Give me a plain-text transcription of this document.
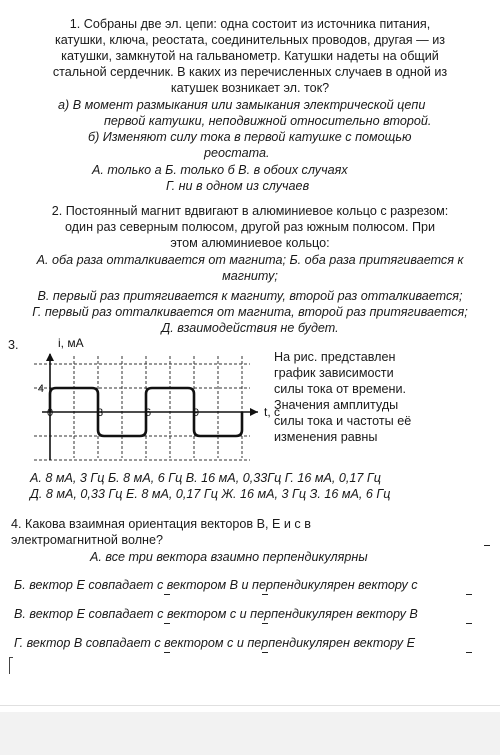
1. Собраны две эл. цепи: одна состоит из источника питания,
катушки, ключа, реостата, соединительных проводов, другая — из
катушки, замкнутой на гальванометр. Катушки надеты на общий
стальной сердечник. В каких из перечисленных случаев в одной из
катушек возникает эл. ток?
а) В момент размыкания или замыкания электрической цепи
первой катушки, неподвижной относительно второй.
б) Изменяют силу тока в первой катушке с помощью
реостата.
А. только а Б. только б В. в обоих случаях
Г. ни в одном из случаев
2. Постоянный магнит вдвигают в алюминиевое кольцо с разрезом:
один раз северным полюсом, другой раз южным полюсом. При
этом алюминиевое кольцо:
А. оба раза отталкивается от магнита; Б. оба раза притягивается к
магниту;
В. первый раз притягивается к магниту, второй раз отталкивается;
Г. первый раз отталкивается от магнита, второй раз притягивается;
Д. взаимодействия не будет.
3.
0	3	6	9
4
i, мА
t, с
На рис. представлен
график зависимости
силы тока от времени.
Значения амплитуды
силы тока и частоты её
изменения равны
А. 8 мА, 3 Гц Б. 8 мА, 6 Гц В. 16 мА, 0,33Гц Г. 16 мА, 0,17 Гц
Д. 8 мА, 0,33 Гц Е. 8 мА, 0,17 Гц Ж. 16 мА, 3 Гц З. 16 мА, 6 Гц
4. Какова взаимная ориентация векторов В, Е и с в
электромагнитной волне?
А. все три вектора взаимно перпендикулярны
Б. вектор Е совпадает с вектором В и перпендикулярен вектору с
В. вектор Е совпадает с вектором с и перпендикулярен вектору В
Г. вектор В совпадает с вектором с и перпендикулярен вектору Е
